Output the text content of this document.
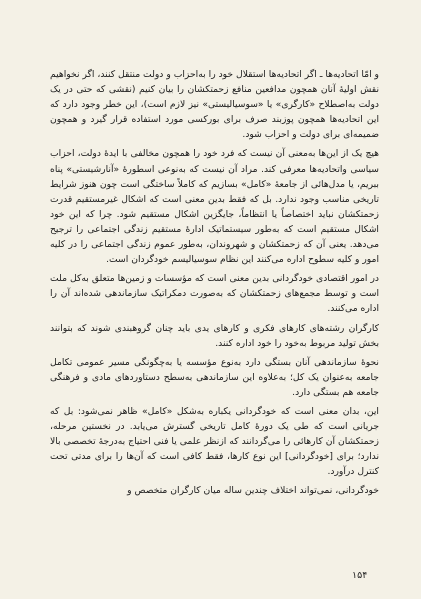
و امّا اتحادیه‌ها ـ اگر اتحادیه‌ها استقلال خود را به‌احزاب و دولت منتقل کنند، اگر نخواهیم نقش اولیهٔ آنان همچون مدافعین منافع زحمتکشان را بیان کنیم (نقشی که حتی در یک دولت به‌اصطلاح «کارگری» یا «سوسیالیستی» نیز لازم است)، این خطر وجود دارد که این اتحادیه‌ها همچون پوزبند صرف برای بورکسی مورد استفاده قرار گیرد و همچون ضمیمه‌ای برای دولت و احزاب شود.

هیچ یک از این‌ها به‌معنی آن نیست که فرد خود را همچون مخالفی با ایدهٔ دولت، احزاب سیاسی واتحادیه‌ها معرفی کند. مراد آن نیست که به‌نوعی اسطورهٔ «آنارشیستی» پناه ببریم، یا مدل‌هائی از جامعهٔ «کامل» بسازیم که کاملاً ساختگی است چون هنوز شرایط تاریخی مناسب وجود ندارد. بل که فقط بدین معنی است که اشکال غیرمستقیم قدرت زحمتکشان نباید اختصاصاً یا انتظاماً، جایگزین اشکال مستقیم شود. چرا که این خود اشکال مستقیم است که به‌طور سیستماتیک ادارهٔ مستقیم زندگی اجتماعی را ترجیح می‌دهد. یعنی آن که زحمتکشان و شهروندان، به‌طور عموم زندگی اجتماعی را در کلیه امور و کلیه سطوح اداره می‌کنند این نظام سوسیالیسم خودگردان است.

در امور اقتصادی خودگردانی بدین معنی است که مؤسسات و زمین‌ها متعلق به‌کل ملت است و توسط مجمع‌های زحمتکشان که به‌صورت دمکراتیک سازماندهی شده‌اند آن را اداره می‌کنند.

کارگران رشته‌های کارهای فکری و کارهای یدی باید چنان گروهبندی شوند که بتوانند بخش تولید مربوط به‌خود را خود اداره کنند.

نحوهٔ سازماندهی آنان بستگی دارد به‌نوع مؤسسه یا به‌چگونگی مسیر عمومی تکامل جامعه به‌عنوان یک کل؛ به‌علاوه این سازماندهی به‌سطح دستاوردهای مادی و فرهنگی جامعه هم بستگی دارد.

این، بدان معنی است که خودگردانی یکباره به‌شکل «کامل» ظاهر نمی‌شود: بل که جریانی است که طی یک دورهٔ کامل تاریخی گسترش می‌یابد. در نخستین مرحله، زحمتکشان آن کارهائی را می‌گردانند که ازنظر علمی یا فنی احتیاج به‌درجهٔ تخصصی بالا ندارد؛ برای [خودگردانی] این نوع کارها، فقط کافی است که آن‌ها را برای مدتی تحت کنترل درآورد.

خودگردانی، نمی‌تواند اختلاف چندین ساله میان کارگران متخصص و

۱۵۴
